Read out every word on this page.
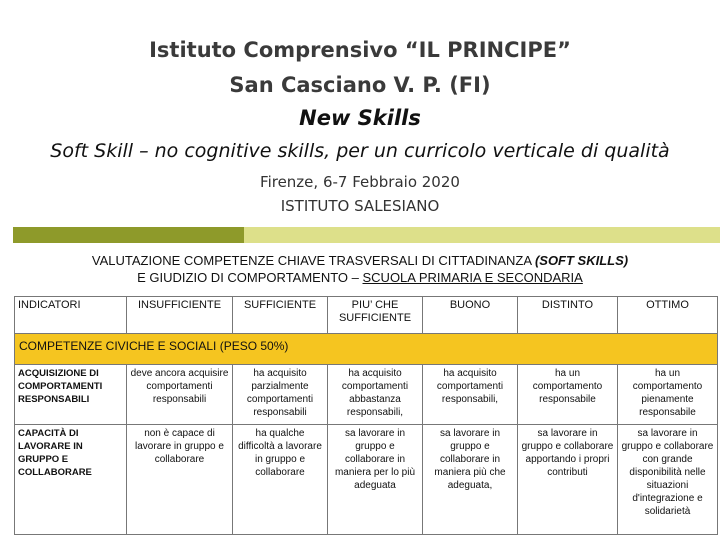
Istituto Comprensivo “IL PRINCIPE”
San Casciano V. P. (FI)
New Skills
Soft Skill – no cognitive skills, per un curricolo verticale di qualità
Firenze, 6-7 Febbraio 2020
ISTITUTO SALESIANO
VALUTAZIONE COMPETENZE CHIAVE TRASVERSALI DI CITTADINANZA (SOFT SKILLS)
E GIUDIZIO DI COMPORTAMENTO – SCUOLA PRIMARIA E SECONDARIA
INDICATORI	INSUFFICIENTE	SUFFICIENTE	PIU’ CHE SUFFICIENTE	BUONO	DISTINTO	OTTIMO
COMPETENZE CIVICHE E SOCIALI (PESO 50%)						
ACQUISIZIONE DI COMPORTAMENTI RESPONSABILI	deve ancora acquisire comportamenti responsabili	ha acquisito parzialmente comportamenti responsabili	ha acquisito comportamenti abbastanza responsabili,	ha acquisito comportamenti responsabili,	ha un comportamento responsabile	ha un comportamento pienamente responsabile
CAPACITÀ DI LAVORARE IN GRUPPO E COLLABORARE	non è capace di lavorare in gruppo e collaborare	ha qualche difficoltà a lavorare in gruppo e collaborare	sa lavorare in gruppo e collaborare in maniera per lo più adeguata	sa lavorare in gruppo e collaborare in maniera più che adeguata,	sa lavorare in gruppo e collaborare apportando i propri contributi	sa lavorare in gruppo e collaborare con grande disponibilità nelle situazioni d'integrazione e solidarietà
